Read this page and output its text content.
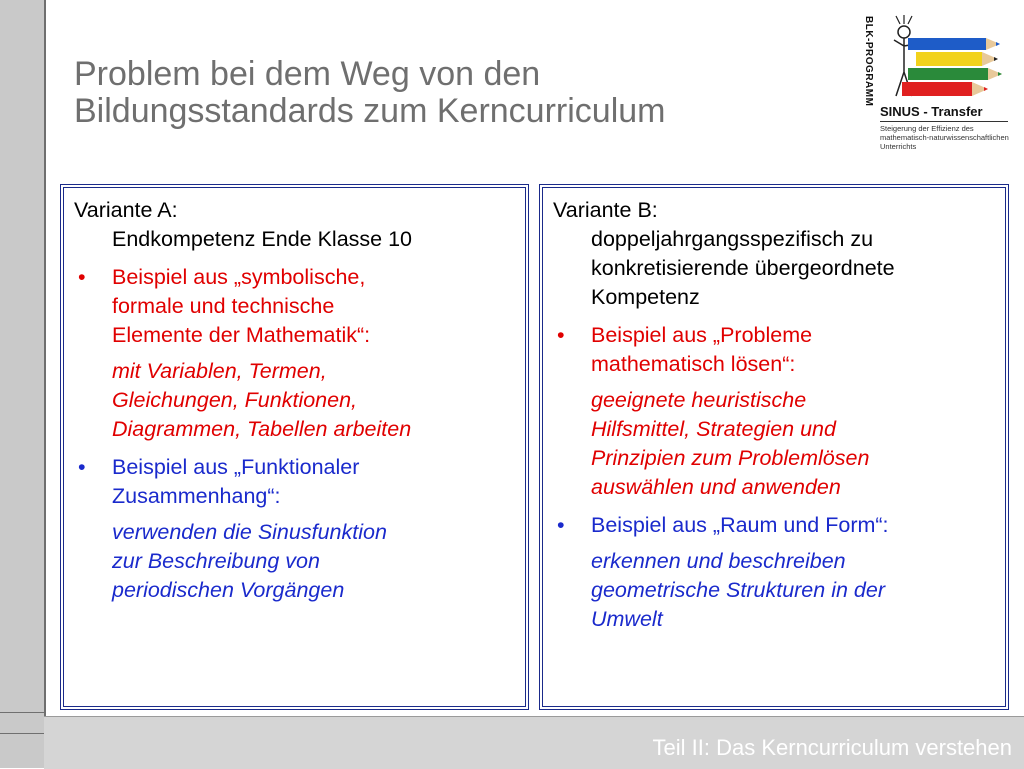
Problem bei dem Weg von den
Bildungsstandards zum Kerncurriculum
BLK-PROGRAMM
SINUS - Transfer
Steigerung der Effizienz des
mathematisch-naturwissenschaftlichen
Unterrichts
Variante A:
Endkompetenz Ende Klasse 10
• Beispiel aus „symbolische,
formale und technische
Elemente der Mathematik“:
mit Variablen, Termen,
Gleichungen, Funktionen,
Diagrammen, Tabellen arbeiten
• Beispiel aus „Funktionaler
Zusammenhang“:
verwenden die Sinusfunktion
zur Beschreibung von
periodischen Vorgängen
Variante B:
doppeljahrgangsspezifisch zu
konkretisierende übergeordnete
Kompetenz
• Beispiel aus „Probleme
mathematisch lösen“:
geeignete heuristische
Hilfsmittel, Strategien und
Prinzipien zum Problemlösen
auswählen und anwenden
• Beispiel aus „Raum und Form“:
erkennen und beschreiben
geometrische Strukturen in der
Umwelt
Teil II: Das Kerncurriculum verstehen
